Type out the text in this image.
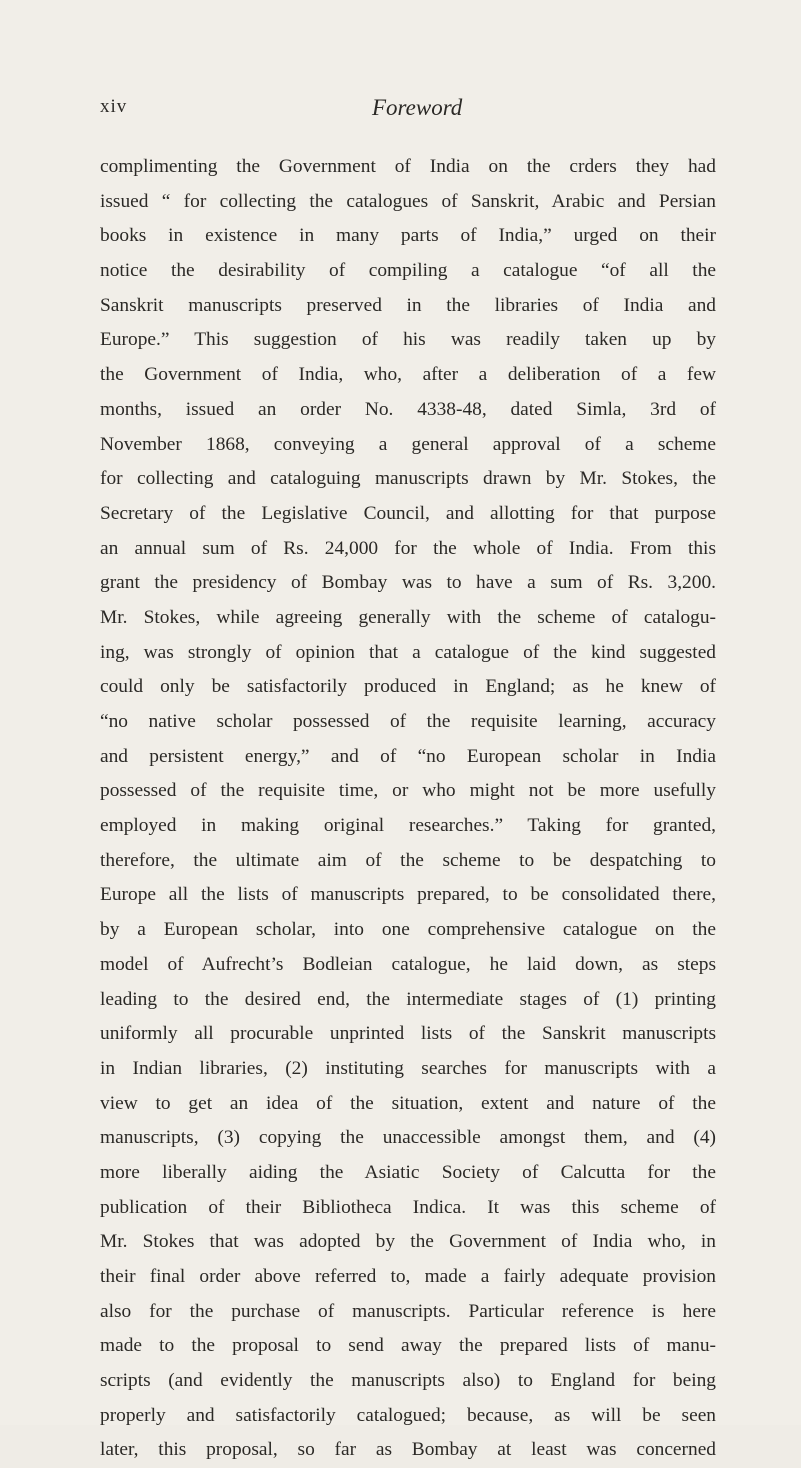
xiv	Foreword
complimenting the Government of India on the crders they had
issued “ for collecting the catalogues of Sanskrit, Arabic and Persian
books in existence in many parts of India,” urged on their
notice the desirability of compiling a catalogue “of all the
Sanskrit manuscripts preserved in the libraries of India and
Europe.” This suggestion of his was readily taken up by
the Government of India, who, after a deliberation of a few
months, issued an order No. 4338-48, dated Simla, 3rd of
November 1868, conveying a general approval of a scheme
for collecting and cataloguing manuscripts drawn by Mr. Stokes, the
Secretary of the Legislative Council, and allotting for that purpose
an annual sum of Rs. 24,000 for the whole of India. From this
grant the presidency of Bombay was to have a sum of Rs. 3,200.
Mr. Stokes, while agreeing generally with the scheme of catalogu-
ing, was strongly of opinion that a catalogue of the kind suggested
could only be satisfactorily produced in England; as he knew of
“no native scholar possessed of the requisite learning, accuracy
and persistent energy,” and of “no European scholar in India
possessed of the requisite time, or who might not be more usefully
employed in making original researches.” Taking for granted,
therefore, the ultimate aim of the scheme to be despatching to
Europe all the lists of manuscripts prepared, to be consolidated there,
by a European scholar, into one comprehensive catalogue on the
model of Aufrecht’s Bodleian catalogue, he laid down, as steps
leading to the desired end, the intermediate stages of (1) printing
uniformly all procurable unprinted lists of the Sanskrit manuscripts
in Indian libraries, (2) instituting searches for manuscripts with a
view to get an idea of the situation, extent and nature of the
manuscripts, (3) copying the unaccessible amongst them, and (4)
more liberally aiding the Asiatic Society of Calcutta for the
publication of their Bibliotheca Indica. It was this scheme of
Mr. Stokes that was adopted by the Government of India who, in
their final order above referred to, made a fairly adequate provision
also for the purchase of manuscripts. Particular reference is here
made to the proposal to send away the prepared lists of manu-
scripts (and evidently the manuscripts also) to England for being
properly and satisfactorily catalogued; because, as will be seen
later, this proposal, so far as Bombay at least was concerned
